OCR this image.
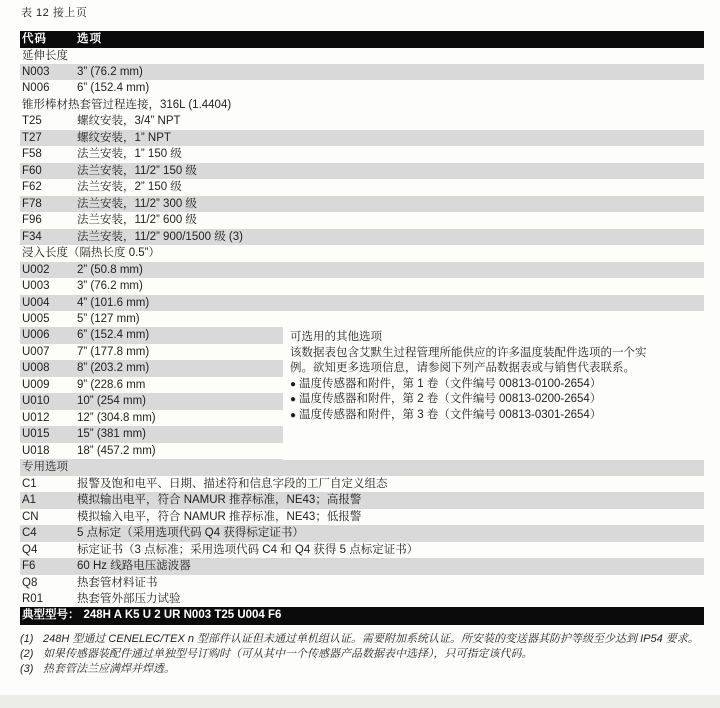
表 12 接上页
代码	选项
延伸长度
N003	3” (76.2 mm)
N006	6” (152.4 mm)
锥形棒材热套管过程连接，316L (1.4404)
T25	螺纹安装，3/4” NPT
T27	螺纹安装，1” NPT
F58	法兰安装，1” 150 级
F60	法兰安装，11/2” 150 级
F62	法兰安装，2” 150 级
F78	法兰安装，11/2” 300 级
F96	法兰安装，11/2” 600 级
F34	法兰安装，11/2” 900/1500 级 (3)
浸入长度（隔热长度 0.5”）
U002	2” (50.8 mm)
U003	3” (76.2 mm)
U004	4” (101.6 mm)
U005	5” (127 mm)
U006	6” (152.4 mm)
U007	7” (177.8 mm)
U008	8” (203.2 mm)
U009	9” (228.6 mm
U010	10” (254 mm)
U012	12” (304.8 mm)
U015	15” (381 mm)
U018	18” (457.2 mm)
专用选项
C1	报警及饱和电平、日期、描述符和信息字段的工厂自定义组态
A1	模拟输出电平，符合 NAMUR 推荐标准，NE43；高报警
CN	模拟输入电平，符合 NAMUR 推荐标准，NE43；低报警
C4	5 点标定（采用选项代码 Q4 获得标定证书）
Q4	标定证书（3 点标准；采用选项代码 C4 和 Q4 获得 5 点标定证书）
F6	60 Hz 线路电压滤波器
Q8	热套管材料证书
R01	热套管外部压力试验
典型型号： 248H A K5 U 2 UR N003 T25 U004 F6
可选用的其他选项
该数据表包含艾默生过程管理所能供应的许多温度装配件选项的一个实例。欲知更多选项信息，请参阅下列产品数据表或与销售代表联系。
● 温度传感器和附件，第 1 卷（文件编号 00813-0100-2654）
● 温度传感器和附件，第 2 卷（文件编号 00813-0200-2654）
● 温度传感器和附件，第 3 卷（文件编号 00813-0301-2654）
(1) 248H 型通过 CENELEC/TEX n 型部件认证但未通过单机组认证。需要附加系统认证。所安装的变送器其防护等级至少达到 IP54 要求。
(2) 如果传感器装配件通过单独型号订购时（可从其中一个传感器产品数据表中选择），只可指定该代码。
(3) 热套管法兰应满焊并焊透。
